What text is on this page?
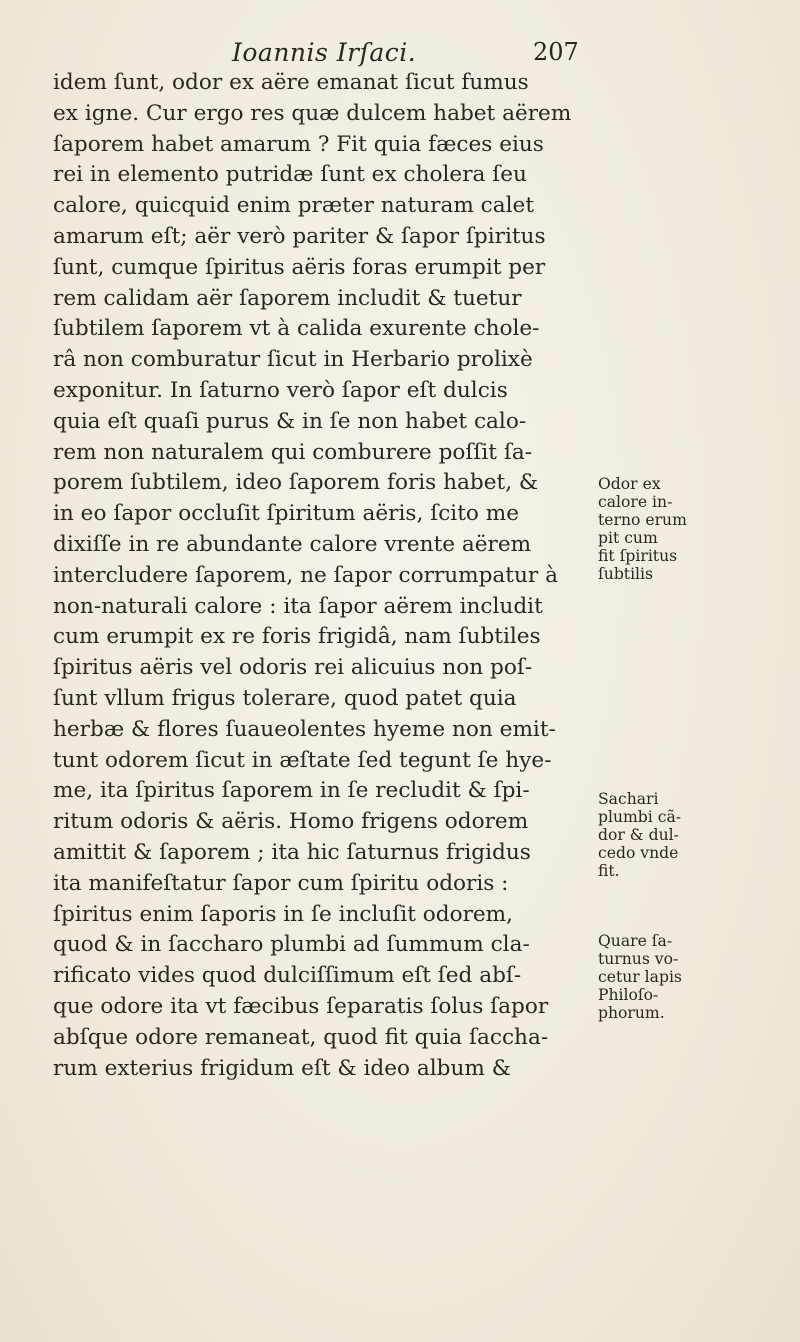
Ioannis Irſaci.	207
idem ſunt, odor ex aëre emanat ſicut fumus
ex igne. Cur ergo res quæ dulcem habet aërem
ſaporem habet amarum ? Fit quia fæces eius
rei in elemento putridæ ſunt ex cholera ſeu
calore, quicquid enim præter naturam calet
amarum eſt; aër verò pariter & ſapor ſpiritus
ſunt, cumque ſpiritus aëris foras erumpit per
rem calidam aër ſaporem includit & tuetur
ſubtilem ſaporem vt à calida exurente chole-
râ non comburatur ſicut in Herbario prolixè
exponitur. In ſaturno verò ſapor eſt dulcis
quia eſt quaſi purus & in ſe non habet calo-
rem non naturalem qui comburere poſſit ſa-
porem ſubtilem, ideo ſaporem foris habet, &
in eo ſapor occluſit ſpiritum aëris, ſcito me
dixiſſe in re abundante calore vrente aërem
intercludere ſaporem, ne ſapor corrumpatur à
non-naturali calore : ita ſapor aërem includit
cum erumpit ex re foris frigidâ, nam ſubtiles
ſpiritus aëris vel odoris rei alicuius non poſ-
ſunt vllum frigus tolerare, quod patet quia
herbæ & flores ſuaueolentes hyeme non emit-
tunt odorem ſicut in æſtate ſed tegunt ſe hye-
me, ita ſpiritus ſaporem in ſe recludit & ſpi-
ritum odoris & aëris. Homo frigens odorem
amittit & ſaporem ; ita hic ſaturnus frigidus
ita manifeſtatur ſapor cum ſpiritu odoris :
ſpiritus enim ſaporis in ſe incluſit odorem,
quod & in ſaccharo plumbi ad ſummum cla-
rificato vides quod dulciſſimum eſt ſed abſ-
que odore ita vt fæcibus ſeparatis ſolus ſapor
abſque odore remaneat, quod fit quia ſaccha-
rum exterius frigidum eſt & ideo album &
Odor ex
calore in-
terno erum
pit cum
fit ſpiritus
ſubtilis
Sachari
plumbi cã-
dor & dul-
cedo vnde
fit.
Quare ſa-
turnus vo-
cetur lapis
Philoſo-
phorum.
